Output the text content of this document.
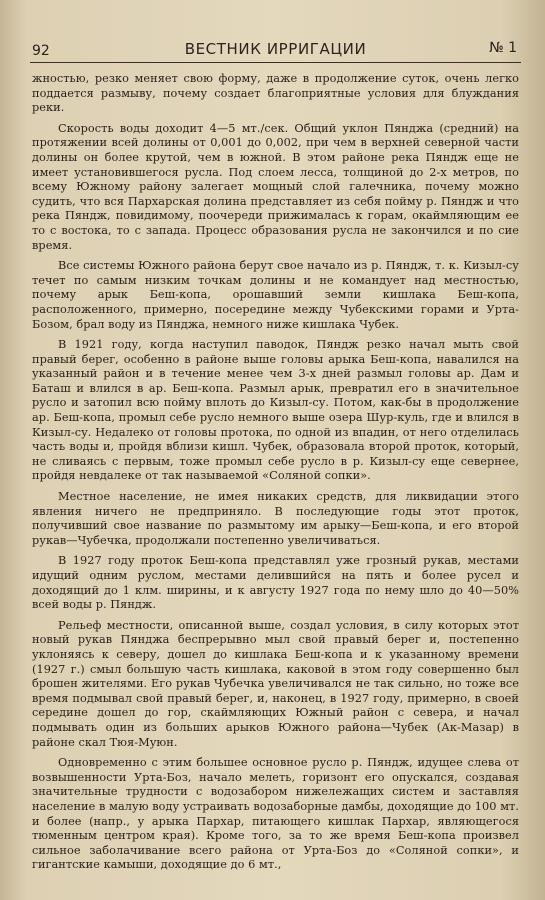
92	ВЕСТНИК ИРРИГАЦИИ	№ 1

жностью, резко меняет свою форму, даже в продолжение суток, очень легко поддается размыву, почему создает благоприятные условия для блуждания реки.

Скорость воды доходит 4—5 мт./сек. Общий уклон Пянджа (средний) на протяжении всей долины от 0,001 до 0,002, при чем в верхней северной части долины он более крутой, чем в южной. В этом районе река Пяндж еще не имеет установившегося русла. Под слоем лесса, толщиной до 2-х метров, по всему Южному району залегает мощный слой галечника, почему можно судить, что вся Пархарская долина представляет из себя пойму р. Пяндж и что река Пяндж, повидимому, поочереди прижималась к горам, окаймляющим ее то с востока, то с запада. Процесс образования русла не закончился и по сие время.

Все системы Южного района берут свое начало из р. Пяндж, т. к. Кизыл-су течет по самым низким точкам долины и не командует над местностью, почему арык Беш-копа, орошавший земли кишлака Беш-копа, расположенного, примерно, посередине между Чубекскими горами и Урта-Бозом, брал воду из Пянджа, немного ниже кишлака Чубек.

В 1921 году, когда наступил паводок, Пяндж резко начал мыть свой правый берег, особенно в районе выше головы арыка Беш-копа, навалился на указанный район и в течение менее чем 3-х дней размыл головы ар. Дам и Баташ и влился в ар. Беш-копа. Размыл арык, превратил его в значительное русло и затопил всю пойму вплоть до Кизыл-су. Потом, как-бы в продолжение ар. Беш-копа, промыл себе русло немного выше озера Шур-куль, где и влился в Кизыл-су. Недалеко от головы протока, по одной из впадин, от него отделилась часть воды и, пройдя вблизи кишл. Чубек, образовала второй проток, который, не сливаясь с первым, тоже промыл себе русло в р. Кизыл-су еще севернее, пройдя невдалеке от так называемой «Соляной сопки».

Местное население, не имея никаких средств, для ликвидации этого явления ничего не предприняло. В последующие годы этот проток, получивший свое название по размытому им арыку—Беш-копа, и его второй рукав—Чубечка, продолжали постепенно увеличиваться.

В 1927 году проток Беш-копа представлял уже грозный рукав, местами идущий одним руслом, местами делившийся на пять и более русел и доходящий до 1 клм. ширины, и к августу 1927 года по нему шло до 40—50% всей воды р. Пяндж.

Рельеф местности, описанной выше, создал условия, в силу которых этот новый рукав Пянджа беспрерывно мыл свой правый берег и, постепенно уклоняясь к северу, дошел до кишлака Беш-копа и к указанному времени (1927 г.) смыл большую часть кишлака, каковой в этом году совершенно был брошен жителями. Его рукав Чубечка увеличивался не так сильно, но тоже все время подмывал свой правый берег, и, наконец, в 1927 году, примерно, в своей середине дошел до гор, скаймляющих Южный район с севера, и начал подмывать один из больших арыков Южного района—Чубек (Ак-Мазар) в районе скал Тюя-Муюн.

Одновременно с этим большее основное русло р. Пяндж, идущее слева от возвышенности Урта-Боз, начало мелеть, горизонт его опускался, создавая значительные трудности с водозабором нижележащих систем и заставляя население в малую воду устраивать водозаборные дамбы, доходящие до 100 мт. и более (напр., у арыка Пархар, питающего кишлак Пархар, являющегося тюменным центром края). Кроме того, за то же время Беш-копа произвел сильное заболачивание всего района от Урта-Боз до «Соляной сопки», и гигантские камыши, доходящие до 6 мт.,
